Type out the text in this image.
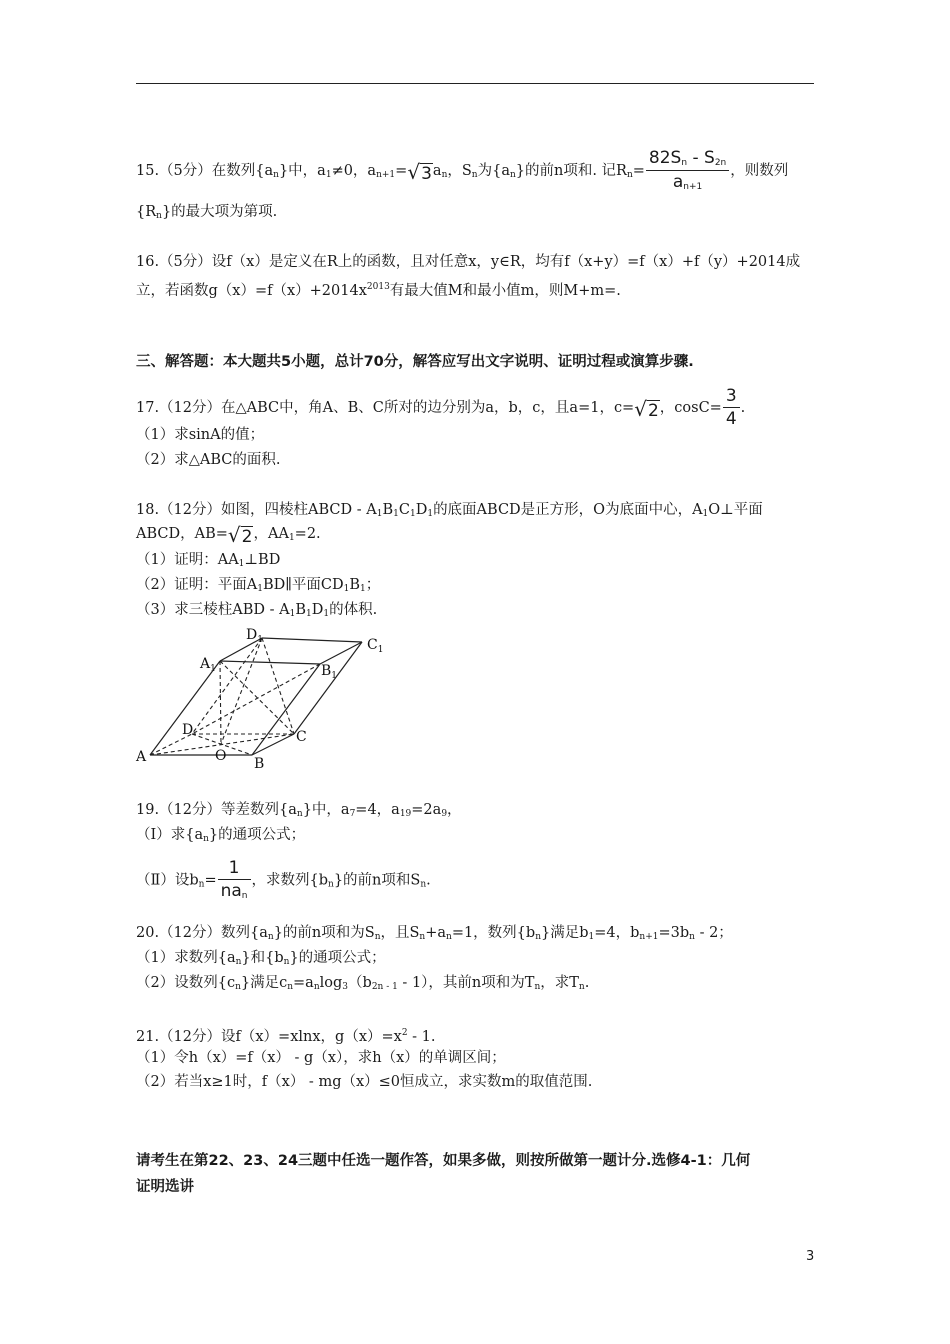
15.（5分）在数列$\{a_n\}$中，$a_1\ne 0$，$a_{n+1}=√3a_n$，$S_n$为$\{a_n\}$的前n项和. 记$R_n= \frac{82S_n - S_{2n}}{a_{n+1}}$ ，则数列
$\{R_n\}$的最大项为第项.
16.（5分）设f（x）是定义在R上的函数，且对任意x，y∈R，均有f（x+y）=f（x）+f（y）+2014成
立，若函数$g(x)=f(x)+2014x^{2013}$有最大值M和最小值m，则M+m=.
三、解答题：本大题共5小题，总计70分，解答应写出文字说明、证明过程或演算步骤.
17.（12分）在△ABC中，角A、B、C所对的边分别为a，b，c，且a=1，c=√2，$\cos C= \frac{3}{4}$ .
（1）求sinA的值；
（2）求△ABC的面积.
18.（12分）如图，四棱柱ABCD - $A_1B_1C_1D_1$的底面ABCD是正方形，O为底面中心，$A_1O\perp$平面
ABCD，AB=√2，$AA_1=2$.
（1）证明：$AA_1\perp BD$
（2）证明：平面$A_1BD\parallel$平面$CD_1B_1$；
（3）求三棱柱ABD - $A_1B_1D_1$的体积.
A	B
C
D
O
$A_1$	$B_1$
$C_1$
$D_1$
19.（12分）等差数列$\{a_n\}$中，$a_7=4$，$a_{19}=2a_9$，
（Ⅰ）求$\{a_n\}$的通项公式；
（Ⅱ）设$b_n= \frac{1}{na_n}$ ，求数列$\{b_n\}$的前n项和$S_n$.
20.（12分）数列$\{a_n\}$的前n项和为$S_n$，且$S_n+a_n=1$，数列$\{b_n\}$满足$b_1=4$，$b_{n+1}=3b_n - 2$；
（1）求数列$\{a_n\}$和$\{b_n\}$的通项公式；
（2）设数列$\{c_n\}$满足$c_n=a_n\log_3(b_{2n - 1} - 1)$，其前n项和为$T_n$，求$T_n$.
21.（12分）设f（x）=xlnx，$g(x)=x^2 - 1$.
（1）令h（x）=f（x） - g（x），求h（x）的单调区间；
（2）若当x≥1时，f（x） - mg（x）≤0恒成立，求实数m的取值范围.
请考生在第22、23、24三题中任选一题作答，如果多做，则按所做第一题计分.选修4-1：几何
证明选讲
3
